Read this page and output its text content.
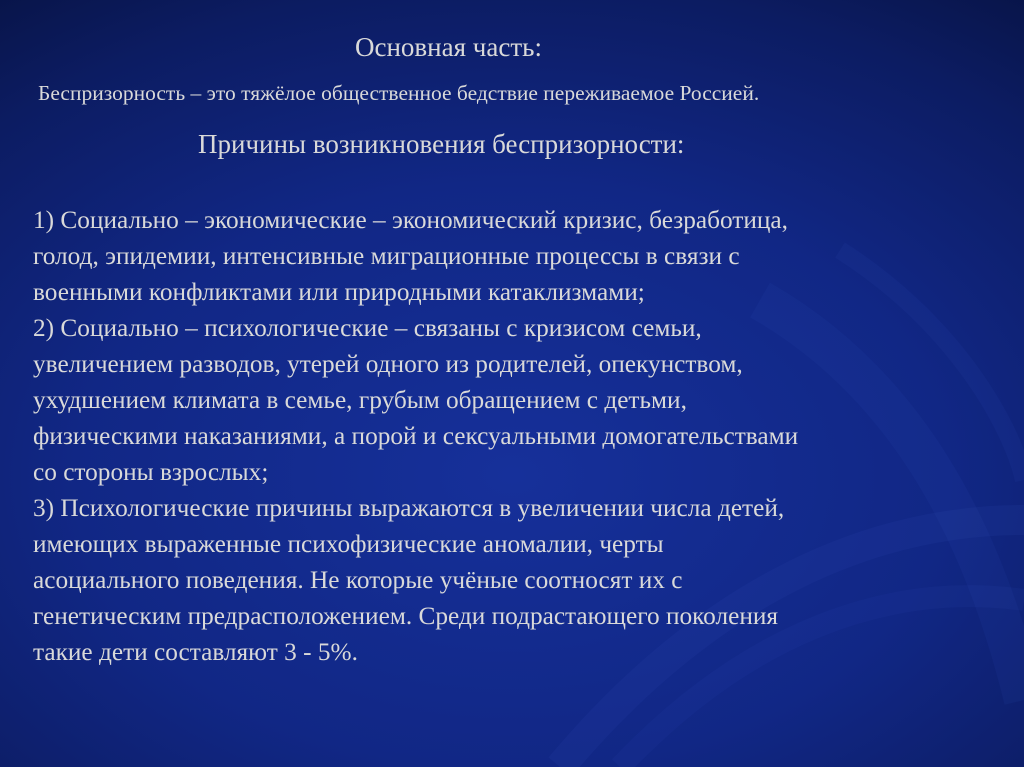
Основная часть:
Беспризорность – это тяжёлое общественное бедствие переживаемое Россией.
Причины возникновения беспризорности:
1) Социально – экономические – экономический кризис, безработица,
голод, эпидемии, интенсивные миграционные процессы в связи с
военными конфликтами или природными катаклизмами;
2) Социально – психологические – связаны с кризисом семьи,
увеличением разводов, утерей одного из родителей, опекунством,
ухудшением климата в семье, грубым обращением с детьми,
физическими наказаниями, а порой и сексуальными домогательствами
со стороны взрослых;
3) Психологические причины выражаются в увеличении числа детей,
имеющих выраженные психофизические аномалии, черты
асоциального поведения. Не которые учёные соотносят их с
генетическим предрасположением. Среди подрастающего поколения
такие дети составляют 3 - 5%.
